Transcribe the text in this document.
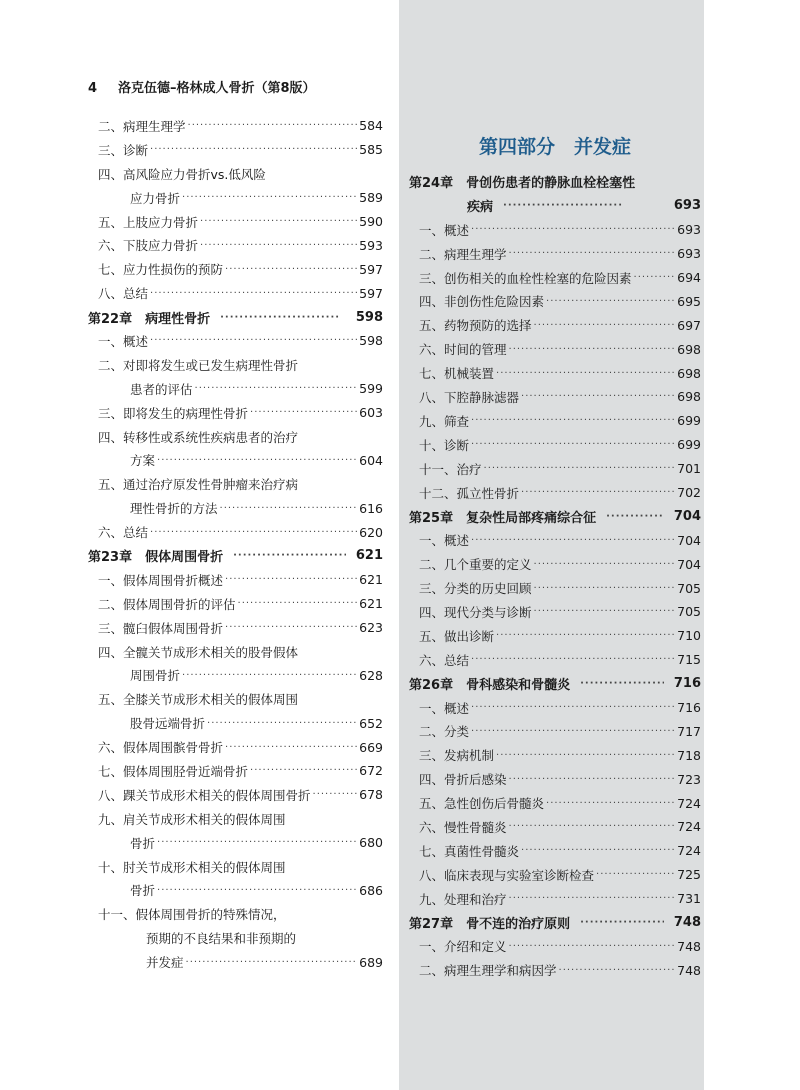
4 洛克伍德–格林成人骨折（第8版）
第四部分　并发症
二、病理生理学 ·····	584
三、诊断 ·····	585
四、高风险应力骨折vs.低风险
应力骨折 ·····	589
五、上肢应力骨折 ·····	590
六、下肢应力骨折 ·····	593
七、应力性损伤的预防 ·····	597
八、总结 ·····	597
第22章　病理性骨折 ·····	598
一、概述 ·····	598
二、对即将发生或已发生病理性骨折
患者的评估 ·····	599
三、即将发生的病理性骨折 ·····	603
四、转移性或系统性疾病患者的治疗
方案 ·····	604
五、通过治疗原发性骨肿瘤来治疗病
理性骨折的方法 ·····	616
六、总结 ·····	620
第23章　假体周围骨折 ·····	621
一、假体周围骨折概述 ·····	621
二、假体周围骨折的评估 ·····	621
三、髋臼假体周围骨折 ·····	623
四、全髋关节成形术相关的股骨假体
周围骨折 ·····	628
五、全膝关节成形术相关的假体周围
股骨远端骨折 ·····	652
六、假体周围髌骨骨折 ·····	669
七、假体周围胫骨近端骨折 ·····	672
八、踝关节成形术相关的假体周围骨折 ·····	678
九、肩关节成形术相关的假体周围
骨折 ·····	680
十、肘关节成形术相关的假体周围
骨折 ·····	686
十一、假体周围骨折的特殊情况，
预期的不良结果和非预期的
并发症 ·····	689
第24章　骨创伤患者的静脉血栓栓塞性
疾病 ·····	693
一、概述 ·····	693
二、病理生理学 ·····	693
三、创伤相关的血栓性栓塞的危险因素 ·····	694
四、非创伤性危险因素 ·····	695
五、药物预防的选择 ·····	697
六、时间的管理 ·····	698
七、机械装置 ·····	698
八、下腔静脉滤器 ·····	698
九、筛查 ·····	699
十、诊断 ·····	699
十一、治疗 ·····	701
十二、孤立性骨折 ·····	702
第25章　复杂性局部疼痛综合征 ·····	704
一、概述 ·····	704
二、几个重要的定义 ·····	704
三、分类的历史回顾 ·····	705
四、现代分类与诊断 ·····	705
五、做出诊断 ·····	710
六、总结 ·····	715
第26章　骨科感染和骨髓炎 ·····	716
一、概述 ·····	716
二、分类 ·····	717
三、发病机制 ·····	718
四、骨折后感染 ·····	723
五、急性创伤后骨髓炎 ·····	724
六、慢性骨髓炎 ·····	724
七、真菌性骨髓炎 ·····	724
八、临床表现与实验室诊断检查 ·····	725
九、处理和治疗 ·····	731
第27章　骨不连的治疗原则 ·····	748
一、介绍和定义 ·····	748
二、病理生理学和病因学 ·····	748
